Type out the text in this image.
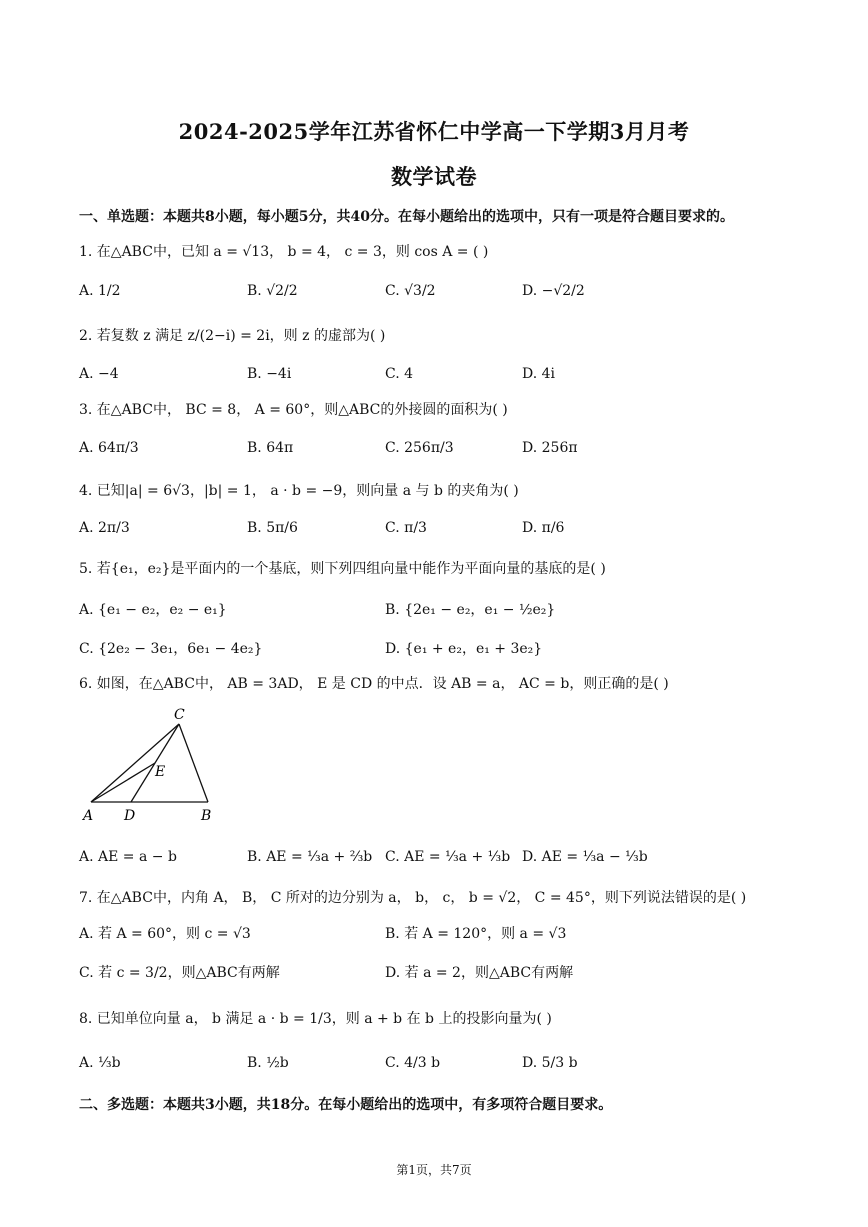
2024-2025学年江苏省怀仁中学高一下学期3月月考
数学试卷
一、单选题：本题共8小题，每小题5分，共40分。在每小题给出的选项中，只有一项是符合题目要求的。
1. 在△ABC中，已知 a = √13， b = 4， c = 3，则 cos A = ( )
A. 1/2	B. √2/2	C. √3/2	D. −√2/2
2. 若复数 z 满足 z/(2−i) = 2i，则 z 的虚部为( )
A. −4	B. −4i	C. 4	D. 4i
3. 在△ABC中， BC = 8， A = 60°，则△ABC的外接圆的面积为( )
A. 64π/3	B. 64π	C. 256π/3	D. 256π
4. 已知|a| = 6√3，|b| = 1， a · b = −9，则向量 a 与 b 的夹角为( )
A. 2π/3	B. 5π/6	C. π/3	D. π/6
5. 若{e₁，e₂}是平面内的一个基底，则下列四组向量中能作为平面向量的基底的是( )
A. {e₁ − e₂，e₂ − e₁}	B. {2e₁ − e₂，e₁ − ½e₂}
C. {2e₂ − 3e₁，6e₁ − 4e₂}	D. {e₁ + e₂，e₁ + 3e₂}
6. 如图，在△ABC中， AB = 3AD， E 是 CD 的中点．设 AB = a， AC = b，则正确的是( )
C
E
A D	B
A. AE = a − b	B. AE = ⅓a + ⅔b C. AE = ⅓a + ⅓b D. AE = ⅓a − ⅓b
7. 在△ABC中，内角 A， B， C 所对的边分别为 a， b， c， b = √2， C = 45°，则下列说法错误的是( )
A. 若 A = 60°，则 c = √3	B. 若 A = 120°，则 a = √3
C. 若 c = 3/2，则△ABC有两解	D. 若 a = 2，则△ABC有两解
8. 已知单位向量 a， b 满足 a · b = 1/3，则 a + b 在 b 上的投影向量为( )
A. ⅓b	B. ½b	C. 4/3 b	D. 5/3 b
二、多选题：本题共3小题，共18分。在每小题给出的选项中，有多项符合题目要求。
第1页，共7页
